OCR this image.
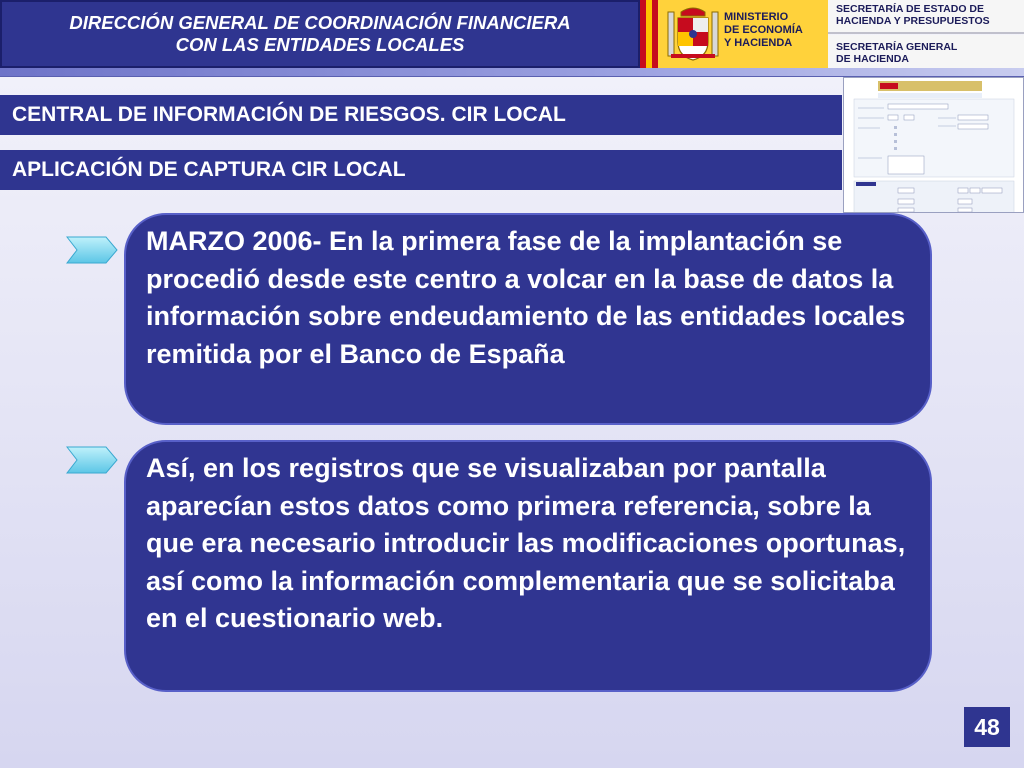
DIRECCIÓN GENERAL DE COORDINACIÓN FINANCIERA
CON LAS ENTIDADES LOCALES
MINISTERIO
DE ECONOMÍA
Y HACIENDA
SECRETARÍA DE ESTADO DE
HACIENDA Y PRESUPUESTOS
SECRETARÍA GENERAL
DE HACIENDA
CENTRAL DE INFORMACIÓN DE RIESGOS. CIR LOCAL
APLICACIÓN DE CAPTURA CIR LOCAL
MARZO 2006- En la primera fase de la implantación se procedió desde este centro a volcar en la base de datos la información sobre endeudamiento de las entidades locales remitida por el Banco de España
Así, en los registros que se visualizaban por pantalla aparecían estos datos como primera referencia, sobre la que era necesario introducir las modificaciones oportunas, así como la información complementaria que se solicitaba en el cuestionario web.
48
